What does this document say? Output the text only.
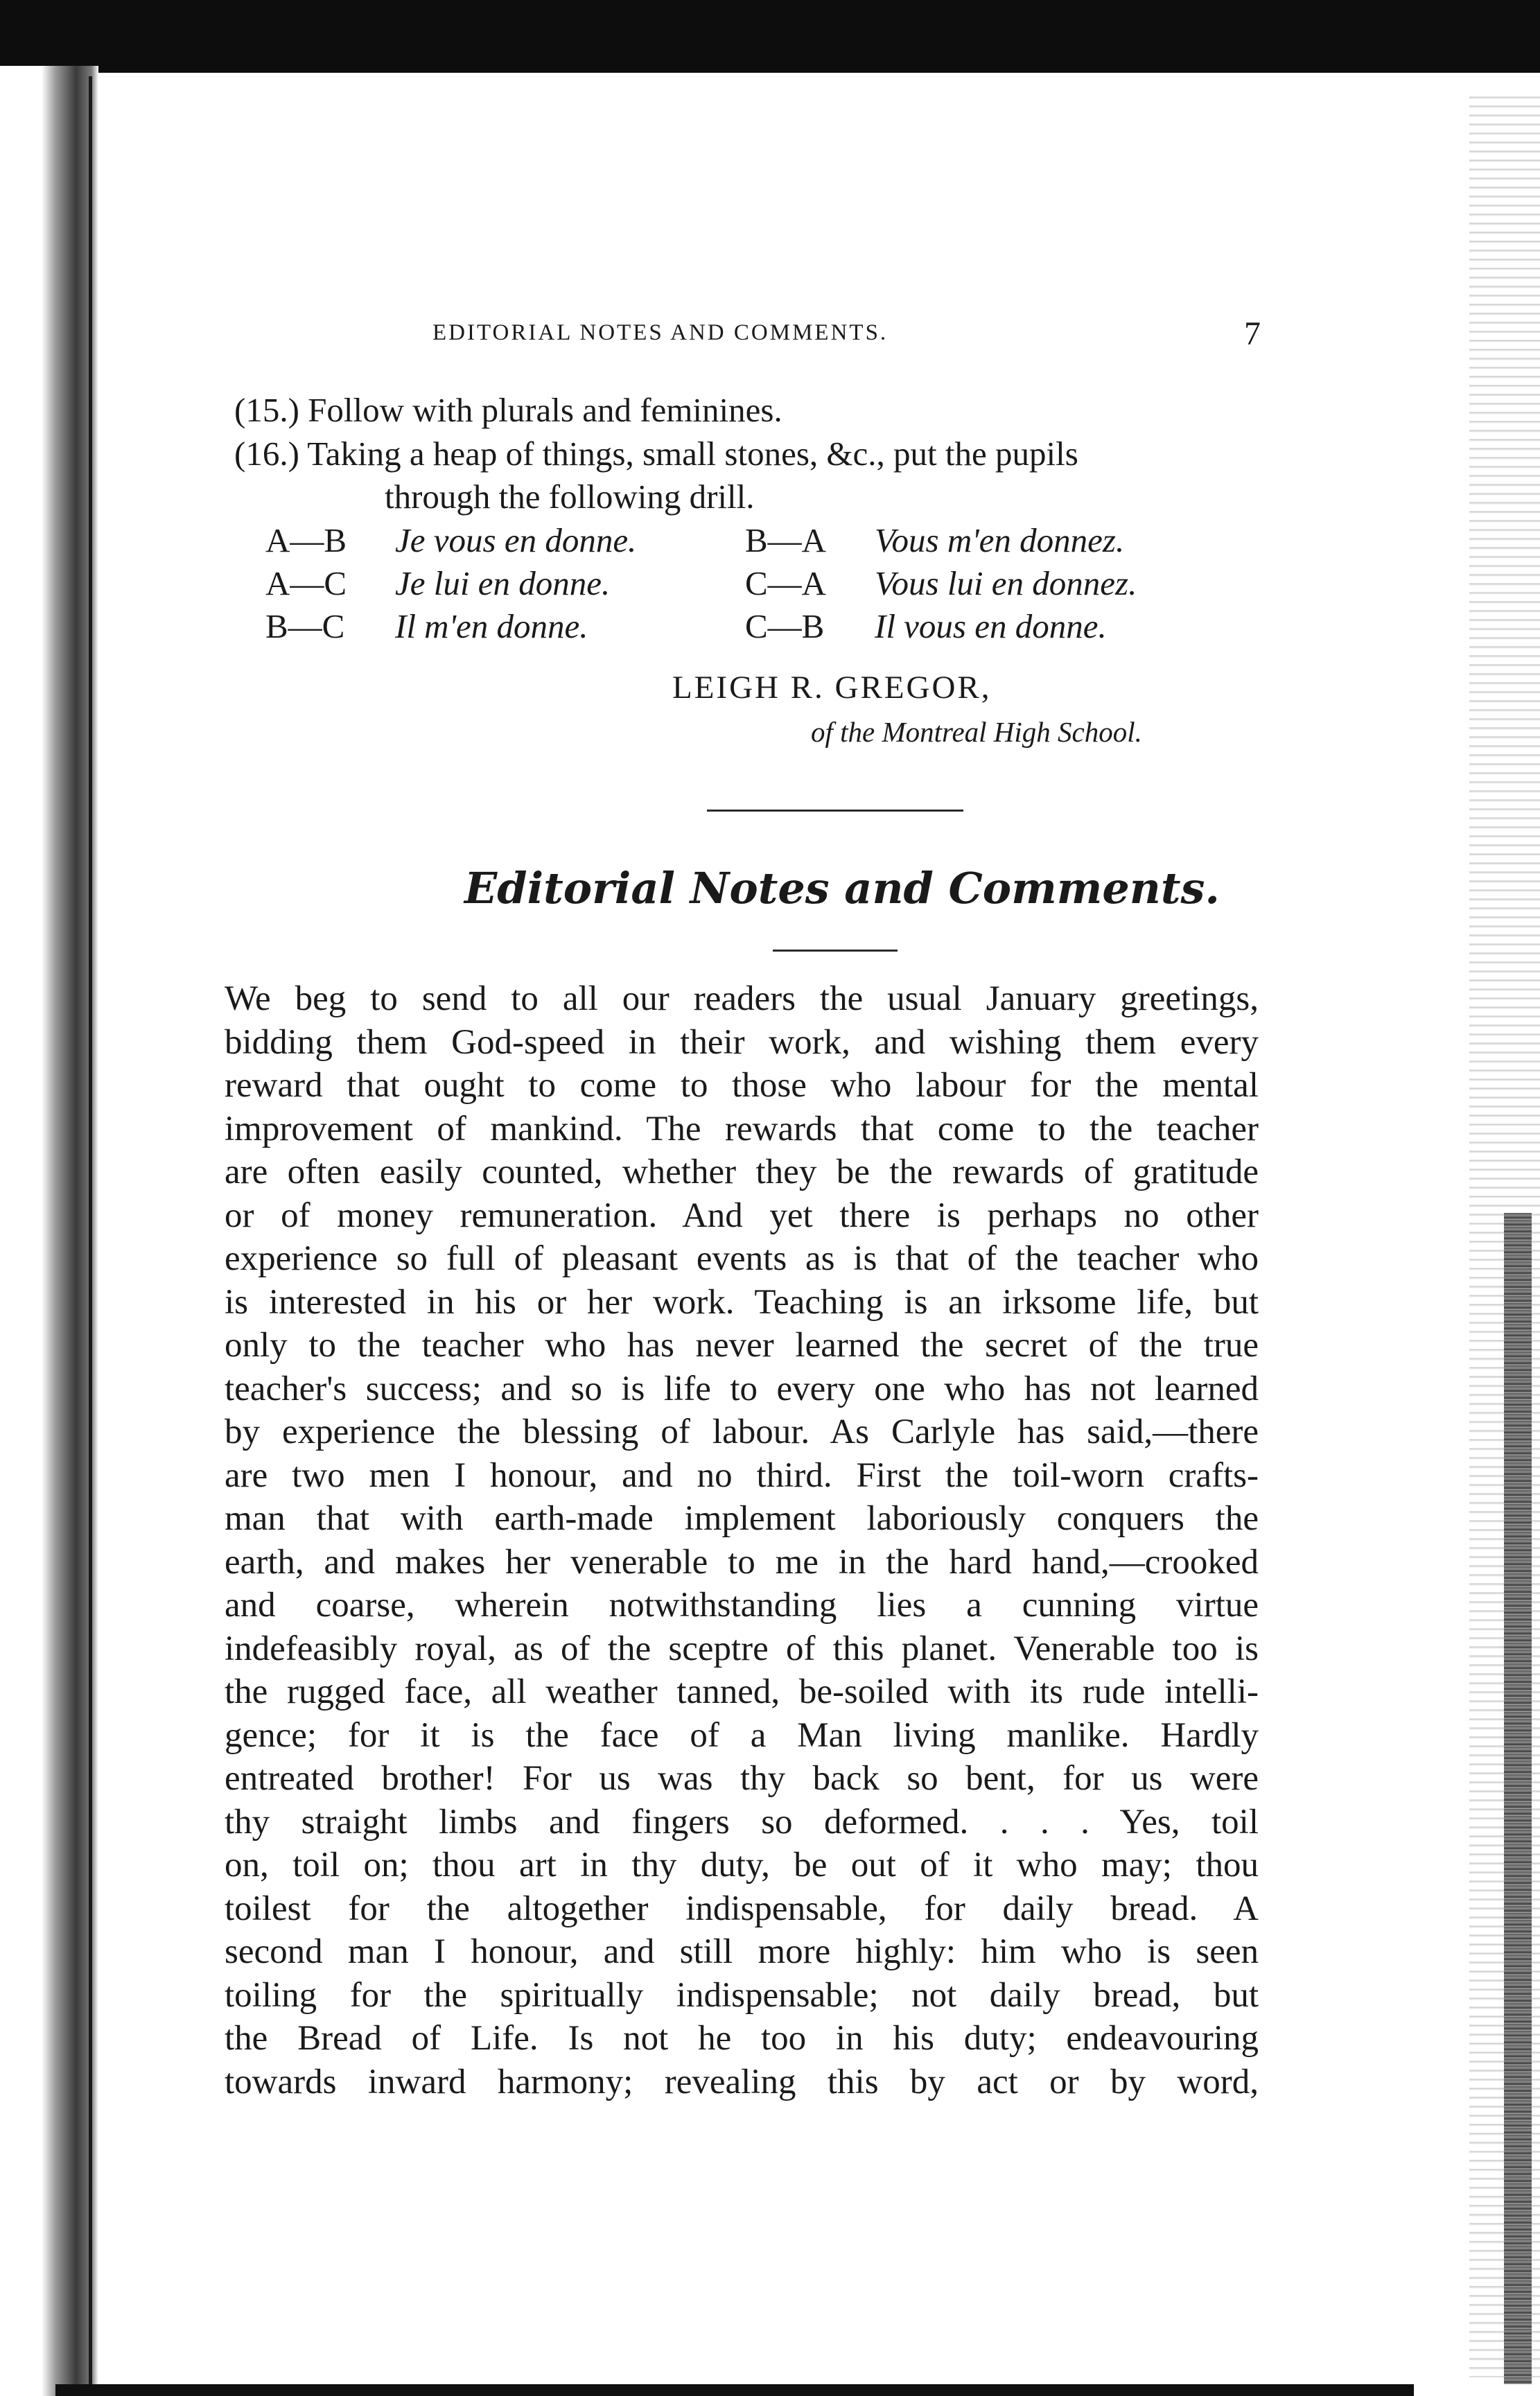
EDITORIAL NOTES AND COMMENTS.	7
(15.) Follow with plurals and feminines.
(16.) Taking a heap of things, small stones, &c., put the pupils
through the following drill.
A—B Je vous en donne.	B—A Vous m'en donnez.
A—C Je lui en donne.	C—A Vous lui en donnez.
B—C Il m'en donne.	C—B Il vous en donne.
LEIGH R. GREGOR,
of the Montreal High School.
Editorial Notes and Comments.
We beg to send to all our readers the usual January greetings,
bidding them God-speed in their work, and wishing them every
reward that ought to come to those who labour for the mental
improvement of mankind. The rewards that come to the teacher
are often easily counted, whether they be the rewards of gratitude
or of money remuneration. And yet there is perhaps no other
experience so full of pleasant events as is that of the teacher who
is interested in his or her work. Teaching is an irksome life, but
only to the teacher who has never learned the secret of the true
teacher's success; and so is life to every one who has not learned
by experience the blessing of labour. As Carlyle has said,—there
are two men I honour, and no third. First the toil-worn crafts-
man that with earth-made implement laboriously conquers the
earth, and makes her venerable to me in the hard hand,—crooked
and coarse, wherein notwithstanding lies a cunning virtue
indefeasibly royal, as of the sceptre of this planet. Venerable too is
the rugged face, all weather tanned, be-soiled with its rude intelli-
gence; for it is the face of a Man living manlike. Hardly
entreated brother! For us was thy back so bent, for us were
thy straight limbs and fingers so deformed. . . . Yes, toil
on, toil on; thou art in thy duty, be out of it who may; thou
toilest for the altogether indispensable, for daily bread. A
second man I honour, and still more highly: him who is seen
toiling for the spiritually indispensable; not daily bread, but
the Bread of Life. Is not he too in his duty; endeavouring
towards inward harmony; revealing this by act or by word,
